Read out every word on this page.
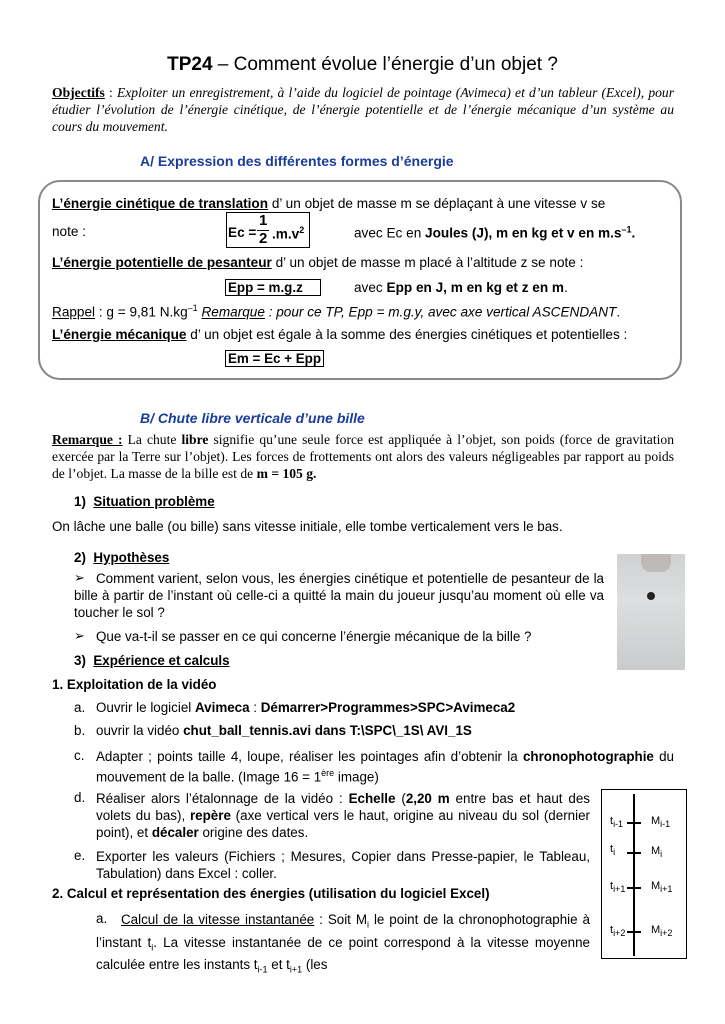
TP24 – Comment évolue l’énergie d’un objet ?
Objectifs : Exploiter un enregistrement, à l’aide du logiciel de pointage (Avimeca) et d’un tableur (Excel), pour étudier l’évolution de l’énergie cinétique, de l’énergie potentielle et de l’énergie mécanique d’un système au cours du mouvement.
A/ Expression des différentes formes d’énergie
L’énergie cinétique de translation d’ un objet de masse m se déplaçant à une vitesse v se
note :	Ec =
1
2 $.m.v^2$	avec Ec en Joules (J), m en kg et v en $m.s^{-1}$.
L’énergie potentielle de pesanteur d’ un objet de masse m placé à l’altitude z se note :
Epp = m.g.z	avec Epp en J, m en kg et z en m.
Rappel : g = 9,81 $N.kg^{-1}$ Remarque : pour ce TP, Epp = m.g.y, avec axe vertical ASCENDANT.
L’énergie mécanique d’ un objet est égale à la somme des énergies cinétiques et potentielles :
Em = Ec + Epp
B/ Chute libre verticale d’une bille
Remarque : La chute libre signifie qu’une seule force est appliquée à l’objet, son poids (force de gravitation exercée par la Terre sur l’objet). Les forces de frottements ont alors des valeurs négligeables par rapport au poids de l’objet. La masse de la bille est de m = 105 g.
1) Situation problème
On lâche une balle (ou bille) sans vitesse initiale, elle tombe verticalement vers le bas.
2) Hypothèses
➢ Comment varient, selon vous, les énergies cinétique et potentielle de pesanteur de la bille à partir de l’instant où celle-ci a quitté la main du joueur jusqu’au moment où elle va toucher le sol ?
➢ Que va-t-il se passer en ce qui concerne l’énergie mécanique de la bille ?
3) Expérience et calculs
1. Exploitation de la vidéo
a. Ouvrir le logiciel Avimeca : Démarrer>Programmes>SPC>Avimeca2
b. ouvrir la vidéo chut_ball_tennis.avi dans T:\SPC\_1S\ AVI_1S
c. Adapter ; points taille 4, loupe, réaliser les pointages afin d’obtenir la chronophotographie du mouvement de la balle. (Image 16 = 1ère image)
d. Réaliser alors l’étalonnage de la vidéo : Echelle (2,20 m entre bas et haut des volets du bas), repère (axe vertical vers le haut, origine au niveau du sol (dernier point), et décaler origine des dates.
e. Exporter les valeurs (Fichiers ; Mesures, Copier dans Presse-papier, le Tableau, Tabulation) dans Excel : coller.
2. Calcul et représentation des énergies (utilisation du logiciel Excel)
a.	Calcul de la vitesse instantanée : Soit $M_i$ le point de la chronophotographie à l’instant $t_i$. La vitesse instantanée de ce point correspond à la vitesse moyenne calculée entre les instants $t_{i-1}$ et $t_{i+1}$ (les
$t_{i-1}$	$M_{i-1}$
$t_i$	$M_i$
$t_{i+1}$ $M_{i+1}$
$t_{i+2}$ $M_{i+2}$
